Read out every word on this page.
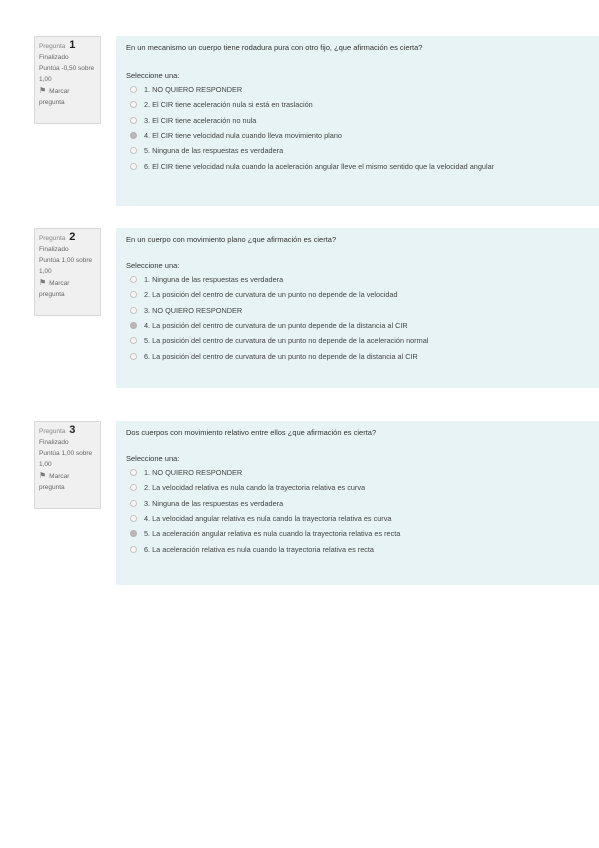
Pregunta 1
Finalizado
Puntúa -0,50 sobre 1,00
⚑ Marcar pregunta

En un mecanismo un cuerpo tiene rodadura pura con otro fijo, ¿que afirmación es cierta?

Seleccione una:
1. NO QUIERO RESPONDER
2. El CIR tiene aceleración nula si está en traslación
3. El CIR tiene aceleración no nula
4. El CIR tiene velocidad nula cuando lleva movimiento plano
5. Ninguna de las respuestas es verdadera
6. El CIR tiene velocidad nula cuando la aceleración angular lleve el mismo sentido que la velocidad angular
Pregunta 2
Finalizado
Puntúa 1,00 sobre 1,00
⚑ Marcar pregunta

En un cuerpo con movimiento plano ¿que afirmación es cierta?

Seleccione una:
1. Ninguna de las respuestas es verdadera
2. La posición del centro de curvatura de un punto no depende de la velocidad
3. NO QUIERO RESPONDER
4. La posición del centro de curvatura de un punto depende de la distancia al CIR
5. La posición del centro de curvatura de un punto no depende de la aceleración normal
6. La posición del centro de curvatura de un punto no depende de la distancia al CIR
Pregunta 3
Finalizado
Puntúa 1,00 sobre 1,00
⚑ Marcar pregunta

Dos cuerpos con movimiento relativo entre ellos ¿que afirmación es cierta?

Seleccione una:
1. NO QUIERO RESPONDER
2. La velocidad relativa es nula cando la trayectoria relativa es curva
3. Ninguna de las respuestas es verdadera
4. La velocidad angular relativa es nula cando la trayectoria relativa es curva
5. La aceleración angular relativa es nula cuando la trayectoria relativa es recta
6. La aceleración relativa es nula cuando la trayectoria relativa es recta
